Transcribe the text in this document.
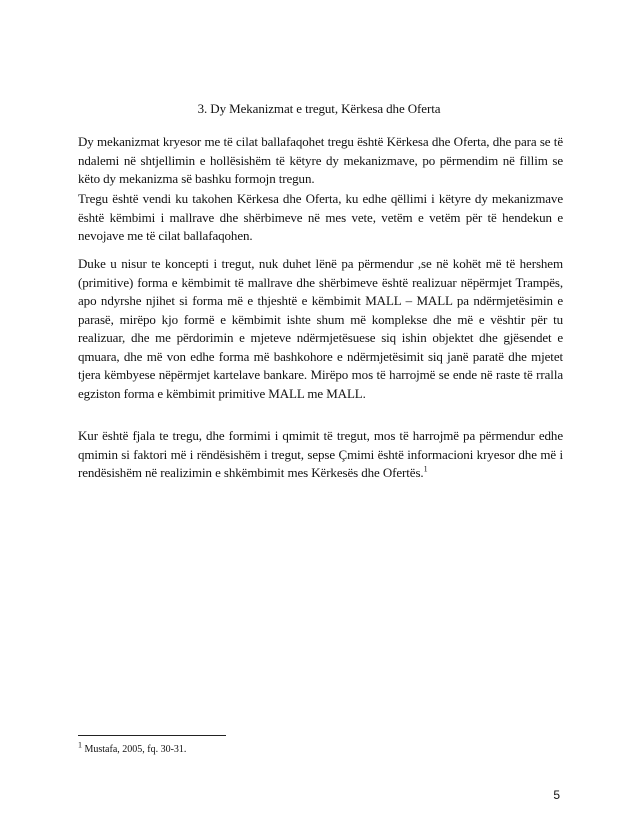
3. Dy Mekanizmat e tregut, Kërkesa dhe Oferta

Dy mekanizmat kryesor me të cilat ballafaqohet tregu është Kërkesa dhe Oferta, dhe para se të ndalemi në shtjellimin e hollësishëm të këtyre dy mekanizmave, po përmendim në fillim se këto dy mekanizma së bashku formojn tregun.

Tregu është vendi ku takohen Kërkesa dhe Oferta, ku edhe qëllimi i këtyre dy mekanizmave është këmbimi i mallrave dhe shërbimeve në mes vete, vetëm e vetëm për të hendekun e nevojave me të cilat ballafaqohen.

Duke u nisur te koncepti i tregut, nuk duhet lënë pa përmendur ,se në kohët më të hershem (primitive) forma e këmbimit të mallrave dhe shërbimeve është realizuar nëpërmjet Trampës, apo ndyrshe njihet si forma më e thjeshtë e këmbimit MALL – MALL pa ndërmjetësimin e parasë, mirëpo kjo formë e këmbimit ishte shum më komplekse dhe më e vështir për tu realizuar, dhe me përdorimin e mjeteve ndërmjetësuese siq ishin objektet dhe gjësendet e qmuara, dhe më von edhe forma më bashkohore e ndërmjetësimit siq janë paratë dhe mjetet tjera këmbyese nëpërmjet kartelave bankare. Mirëpo mos të harrojmë se ende në raste të rralla egziston forma e këmbimit primitive MALL me MALL.

Kur është fjala te tregu, dhe formimi i qmimit të tregut, mos të harrojmë pa përmendur edhe qmimin si faktori më i rëndësishëm i tregut, sepse Çmimi është informacioni kryesor dhe më i rendësishëm në realizimin e shkëmbimit mes Kërkesës dhe Ofertës.$^1$

$^1$ Mustafa, 2005, fq. 30-31.
5
